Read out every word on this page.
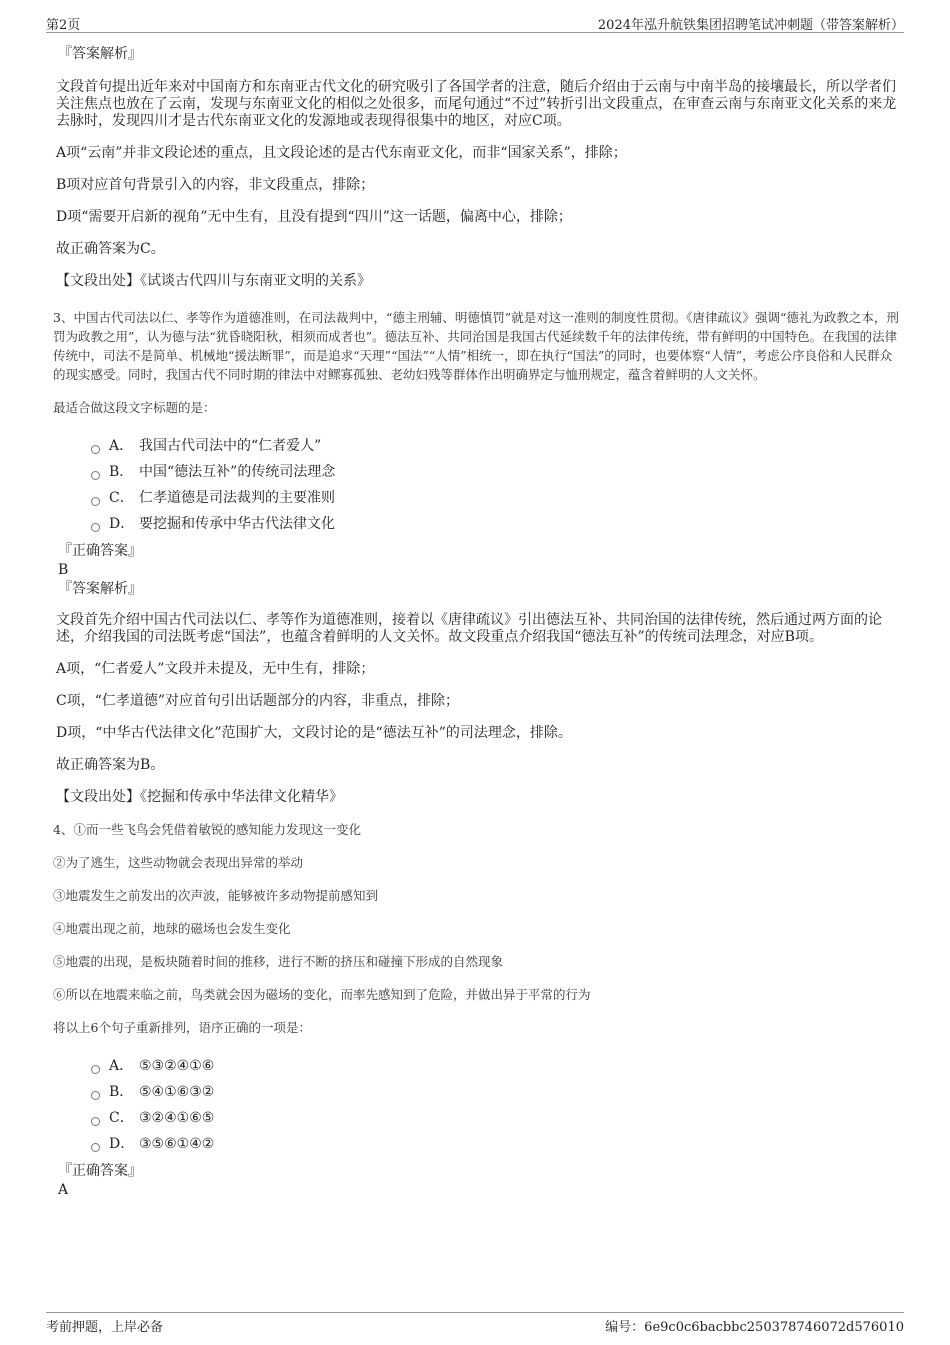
第2页	2024年泓升航铁集团招聘笔试冲刺题（带答案解析）
『答案解析』

文段首句提出近年来对中国南方和东南亚古代文化的研究吸引了各国学者的注意，随后介绍由于云南与中南半岛的接壤最长，所以学者们关注焦点也放在了云南，发现与东南亚文化的相似之处很多，而尾句通过“不过”转折引出文段重点，在审查云南与东南亚文化关系的来龙去脉时，发现四川才是古代东南亚文化的发源地或表现得很集中的地区，对应C项。

A项“云南”并非文段论述的重点，且文段论述的是古代东南亚文化，而非“国家关系”，排除；

B项对应首句背景引入的内容，非文段重点，排除；

D项“需要开启新的视角”无中生有，且没有提到“四川”这一话题，偏离中心，排除；

故正确答案为C。

【文段出处】《试谈古代四川与东南亚文明的关系》

3、中国古代司法以仁、孝等作为道德准则，在司法裁判中，“德主刑辅、明德慎罚”就是对这一准则的制度性贯彻。《唐律疏议》强调“德礼为政教之本，刑罚为政教之用”，认为德与法“犹昏晓阳秋，相须而成者也”。德法互补、共同治国是我国古代延续数千年的法律传统，带有鲜明的中国特色。在我国的法律传统中，司法不是简单、机械地“援法断罪”，而是追求“天理”“国法”“人情”相统一，即在执行“国法”的同时，也要体察“人情”，考虑公序良俗和人民群众的现实感受。同时，我国古代不同时期的律法中对鳏寡孤独、老幼妇残等群体作出明确界定与恤刑规定，蕴含着鲜明的人文关怀。

最适合做这段文字标题的是：

A． 我国古代司法中的“仁者爱人”
B． 中国“德法互补”的传统司法理念
C． 仁孝道德是司法裁判的主要准则
D． 要挖掘和传承中华古代法律文化
『正确答案』
B
『答案解析』

文段首先介绍中国古代司法以仁、孝等作为道德准则，接着以《唐律疏议》引出德法互补、共同治国的法律传统，然后通过两方面的论述，介绍我国的司法既考虑“国法”，也蕴含着鲜明的人文关怀。故文段重点介绍我国“德法互补”的传统司法理念，对应B项。

A项，“仁者爱人”文段并未提及，无中生有，排除；

C项，“仁孝道德”对应首句引出话题部分的内容，非重点，排除；

D项，“中华古代法律文化”范围扩大，文段讨论的是“德法互补”的司法理念，排除。

故正确答案为B。

【文段出处】《挖掘和传承中华法律文化精华》

4、①而一些飞鸟会凭借着敏锐的感知能力发现这一变化

②为了逃生，这些动物就会表现出异常的举动

③地震发生之前发出的次声波，能够被许多动物提前感知到

④地震出现之前，地球的磁场也会发生变化

⑤地震的出现，是板块随着时间的推移，进行不断的挤压和碰撞下形成的自然现象

⑥所以在地震来临之前，鸟类就会因为磁场的变化，而率先感知到了危险，并做出异于平常的行为

将以上6个句子重新排列，语序正确的一项是：

A． ⑤③②④①⑥
B． ⑤④①⑥③②
C． ③②④①⑥⑤
D． ③⑤⑥①④②
『正确答案』
A
考前押题，上岸必备	编号：6e9c0c6bacbbc250378746072d576010
